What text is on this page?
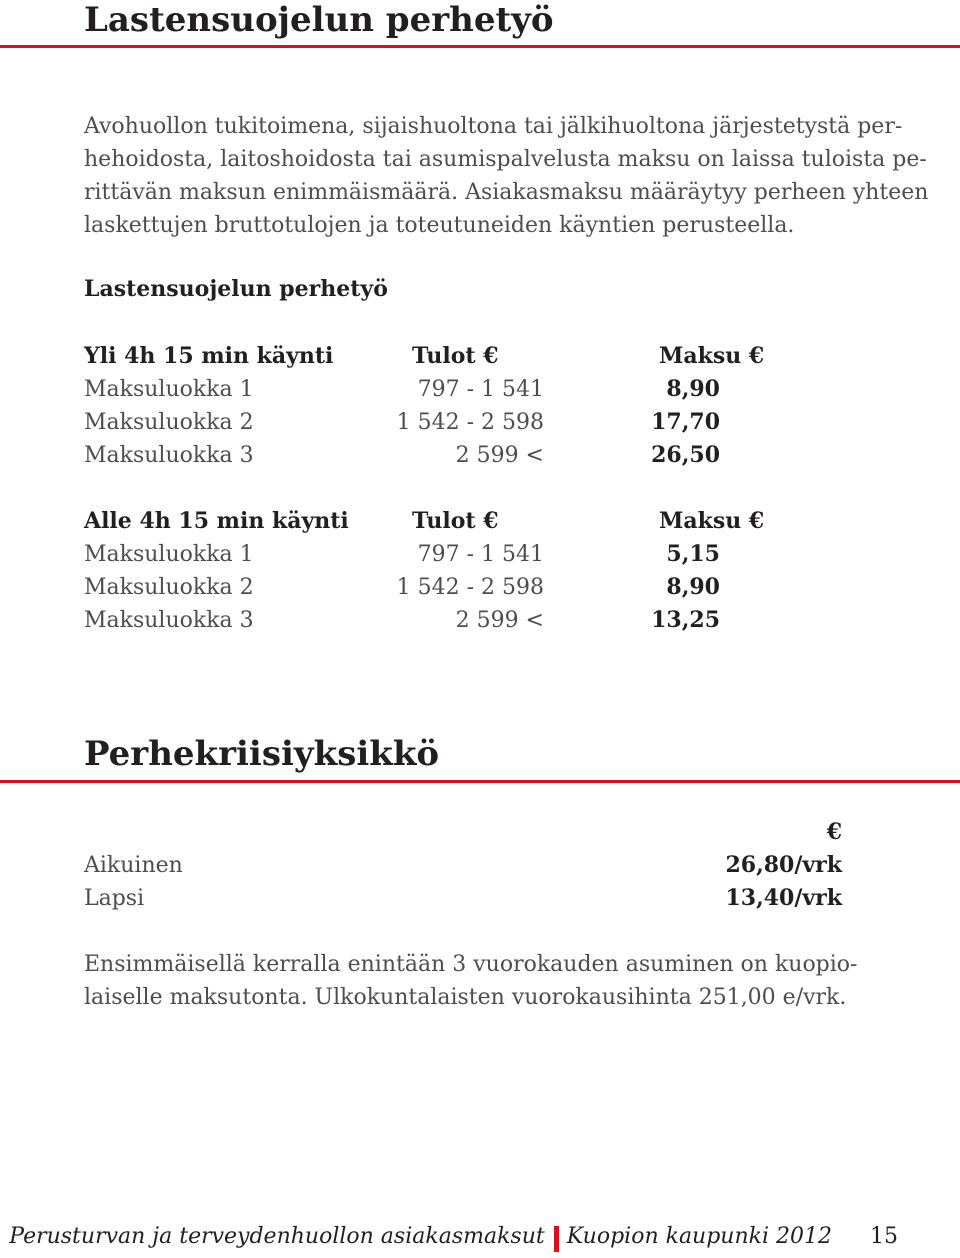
Lastensuojelun perhetyö
Avohuollon tukitoimena, sijaishuoltona tai jälkihuoltona järjestetystä per-
hehoidosta, laitoshoidosta tai asumispalvelusta maksu on laissa tuloista pe-
rittävän maksun enimmäismäärä. Asiakasmaksu määräytyy perheen yhteen
laskettujen bruttotulojen ja toteutuneiden käyntien perusteella.
Lastensuojelun perhetyö
Yli 4h 15 min käynti	Tulot €	Maksu €
Maksuluokka 1	797 - 1 541	8,90
Maksuluokka 2	1 542 - 2 598	17,70
Maksuluokka 3	2 599 <	26,50
Alle 4h 15 min käynti	Tulot €	Maksu €
Maksuluokka 1	797 - 1 541	5,15
Maksuluokka 2	1 542 - 2 598	8,90
Maksuluokka 3	2 599 <	13,25
Perhekriisiyksikkö
€
Aikuinen	26,80/vrk
Lapsi	13,40/vrk
Ensimmäisellä kerralla enintään 3 vuorokauden asuminen on kuopio-
laiselle maksutonta. Ulkokuntalaisten vuorokausihinta 251,00 e/vrk.
Perusturvan ja terveydenhuollon asiakasmaksut Kuopion kaupunki 2012 15
